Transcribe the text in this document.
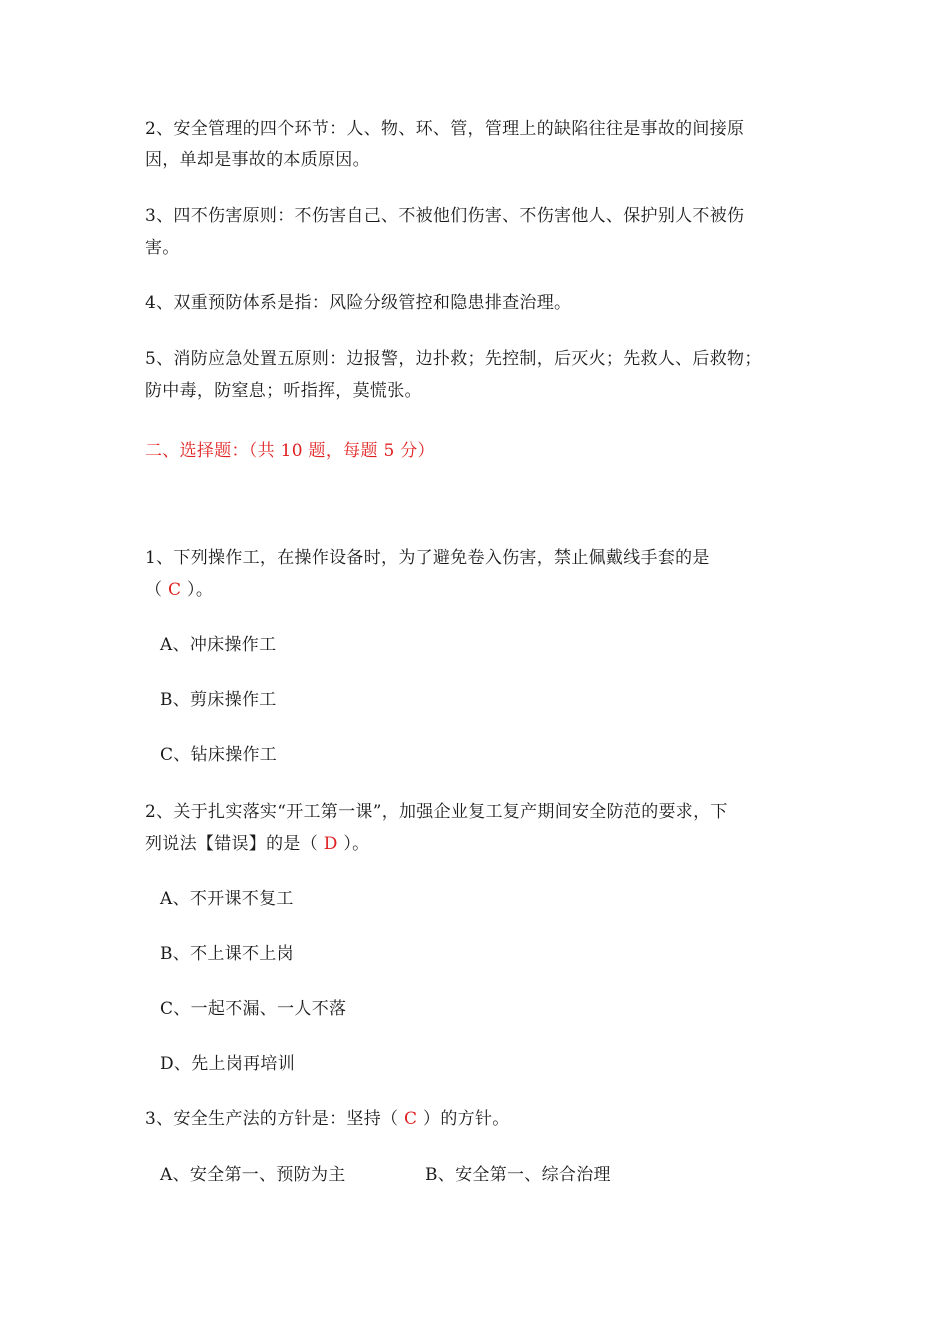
2、安全管理的四个环节：人、物、环、管，管理上的缺陷往往是事故的间接原
因，单却是事故的本质原因。
3、四不伤害原则：不伤害自己、不被他们伤害、不伤害他人、保护别人不被伤
害。
4、双重预防体系是指：风险分级管控和隐患排查治理。
5、消防应急处置五原则：边报警，边扑救；先控制，后灭火；先救人、后救物；
防中毒，防窒息；听指挥，莫慌张。
二、选择题：（共 10 题，每题 5 分）
1、下列操作工，在操作设备时，为了避免卷入伤害，禁止佩戴线手套的是
（ C ）。
A、冲床操作工
B、剪床操作工
C、钻床操作工
2、关于扎实落实“开工第一课”，加强企业复工复产期间安全防范的要求，下
列说法【错误】的是（ D ）。
A、不开课不复工
B、不上课不上岗
C、一起不漏、一人不落
D、先上岗再培训
3、安全生产法的方针是：坚持（ C ）的方针。
A、安全第一、预防为主	B、安全第一、综合治理
